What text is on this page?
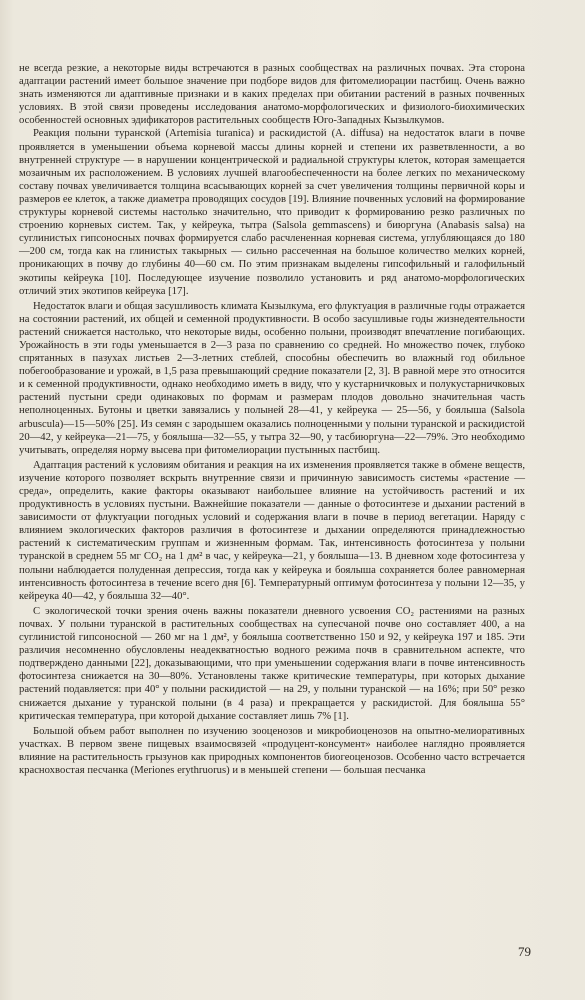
не всегда резкие, а некоторые виды встречаются в разных сообществах на различных почвах. Эта сторона адаптации растений имеет большое значение при подборе видов для фитомелиорации пастбищ. Очень важно знать изменяются ли адаптивные признаки и в каких пределах при обитании растений в разных почвенных условиях. В этой связи проведены исследования анатомо-морфологических и физиолого-биохимических особенностей основных эдификаторов растительных сообществ Юго-Западных Кызылкумов.

Реакция полыни туранской (Artemisia turanica) и раскидистой (A. diffusa) на недостаток влаги в почве проявляется в уменьшении объема корневой массы длины корней и степени их разветвленности, а во внутренней структуре — в нарушении концентрической и радиальной структуры клеток, которая замещается мозаичным их расположением. В условиях лучшей влагообеспеченности на более легких по механическому составу почвах увеличивается толщина всасывающих корней за счет увеличения толщины первичной коры и размеров ее клеток, а также диаметра проводящих сосудов [19]. Влияние почвенных условий на формирование структуры корневой системы настолько значительно, что приводит к формированию резко различных по строению корневых систем. Так, у кейреука, тытра (Salsola gemmascens) и биюргуна (Anabasis salsa) на суглинистых гипсоносных почвах формируется слабо расчлененная корневая система, углубляющаяся до 180—200 см, тогда как на глинистых такырных — сильно рассеченная на большое количество мелких корней, проникающих в почву до глубины 40—60 см. По этим признакам выделены гипсофильный и галофильный экотипы кейреука [10]. Последующее изучение позволило установить и ряд анатомо-морфологических отличий этих экотипов кейреука [17].

Недостаток влаги и общая засушливость климата Кызылкума, его флуктуация в различные годы отражается на состоянии растений, их общей и семенной продуктивности. В особо засушливые годы жизнедеятельности растений снижается настолько, что некоторые виды, особенно полыни, производят впечатление погибающих. Урожайность в эти годы уменьшается в 2—3 раза по сравнению со средней. Но множество почек, глубоко спрятанных в пазухах листьев 2—3-летних стеблей, способны обеспечить во влажный год обильное побегообразование и урожай, в 1,5 раза превышающий средние показатели [2, 3]. В равной мере это относится и к семенной продуктивности, однако необходимо иметь в виду, что у кустарничковых и полукустарничковых растений пустыни среди одинаковых по формам и размерам плодов довольно значительная часть неполноценных. Бутоны и цветки завязались у полыней 28—41, у кейреука — 25—56, у боялыша (Salsola arbuscula)—15—50% [25]. Из семян с зародышем оказались полноценными у полыни туранской и раскидистой 20—42, у кейреука—21—75, у боялыша—32—55, у тытра 32—90, у тасбиюргуна—22—79%. Это необходимо учитывать, определяя норму высева при фитомелиорации пустынных пастбищ.

Адаптация растений к условиям обитания и реакция на их изменения проявляется также в обмене веществ, изучение которого позволяет вскрыть внутренние связи и причинную зависимость системы «растение — среда», определить, какие факторы оказывают наибольшее влияние на устойчивость растений и их продуктивность в условиях пустыни. Важнейшие показатели — данные о фотосинтезе и дыхании растений в зависимости от флуктуации погодных условий и содержания влаги в почве в период вегетации. Наряду с влиянием экологических факторов различия в фотосинтезе и дыхании определяются принадлежностью растений к систематическим группам и жизненным формам. Так, интенсивность фотосинтеза у полыни туранской в среднем 55 мг CO₂ на 1 дм² в час, у кейреука—21, у боялыша—13. В дневном ходе фотосинтеза у полыни наблюдается полуденная депрессия, тогда как у кейреука и боялыша сохраняется более равномерная интенсивность фотосинтеза в течение всего дня [6]. Температурный оптимум фотосинтеза у полыни 12—35, у кейреука 40—42, у боялыша 32—40°.

С экологической точки зрения очень важны показатели дневного усвоения CO₂ растениями на разных почвах. У полыни туранской в растительных сообществах на супесчаной почве оно составляет 400, а на суглинистой гипсоносной — 260 мг на 1 дм², у боялыша соответственно 150 и 92, у кейреука 197 и 185. Эти различия несомненно обусловлены неадекватностью водного режима почв в сравнительном аспекте, что подтверждено данными [22], доказывающими, что при уменьшении содержания влаги в почве интенсивность фотосинтеза снижается на 30—80%. Установлены также критические температуры, при которых дыхание растений подавляется: при 40° у полыни раскидистой — на 29, у полыни туранской — на 16%; при 50° резко снижается дыхание у туранской полыни (в 4 раза) и прекращается у раскидистой. Для боялыша 55° критическая температура, при которой дыхание составляет лишь 7% [1].

Большой объем работ выполнен по изучению зооценозов и микробиоценозов на опытно-мелиоративных участках. В первом звене пищевых взаимосвязей «продуцент-консумент» наиболее наглядно проявляется влияние на растительность грызунов как природных компонентов биогеоценозов. Особенно часто встречается краснохвостая песчанка (Meriones erythruorus) и в меньшей степени — большая песчанка

79
